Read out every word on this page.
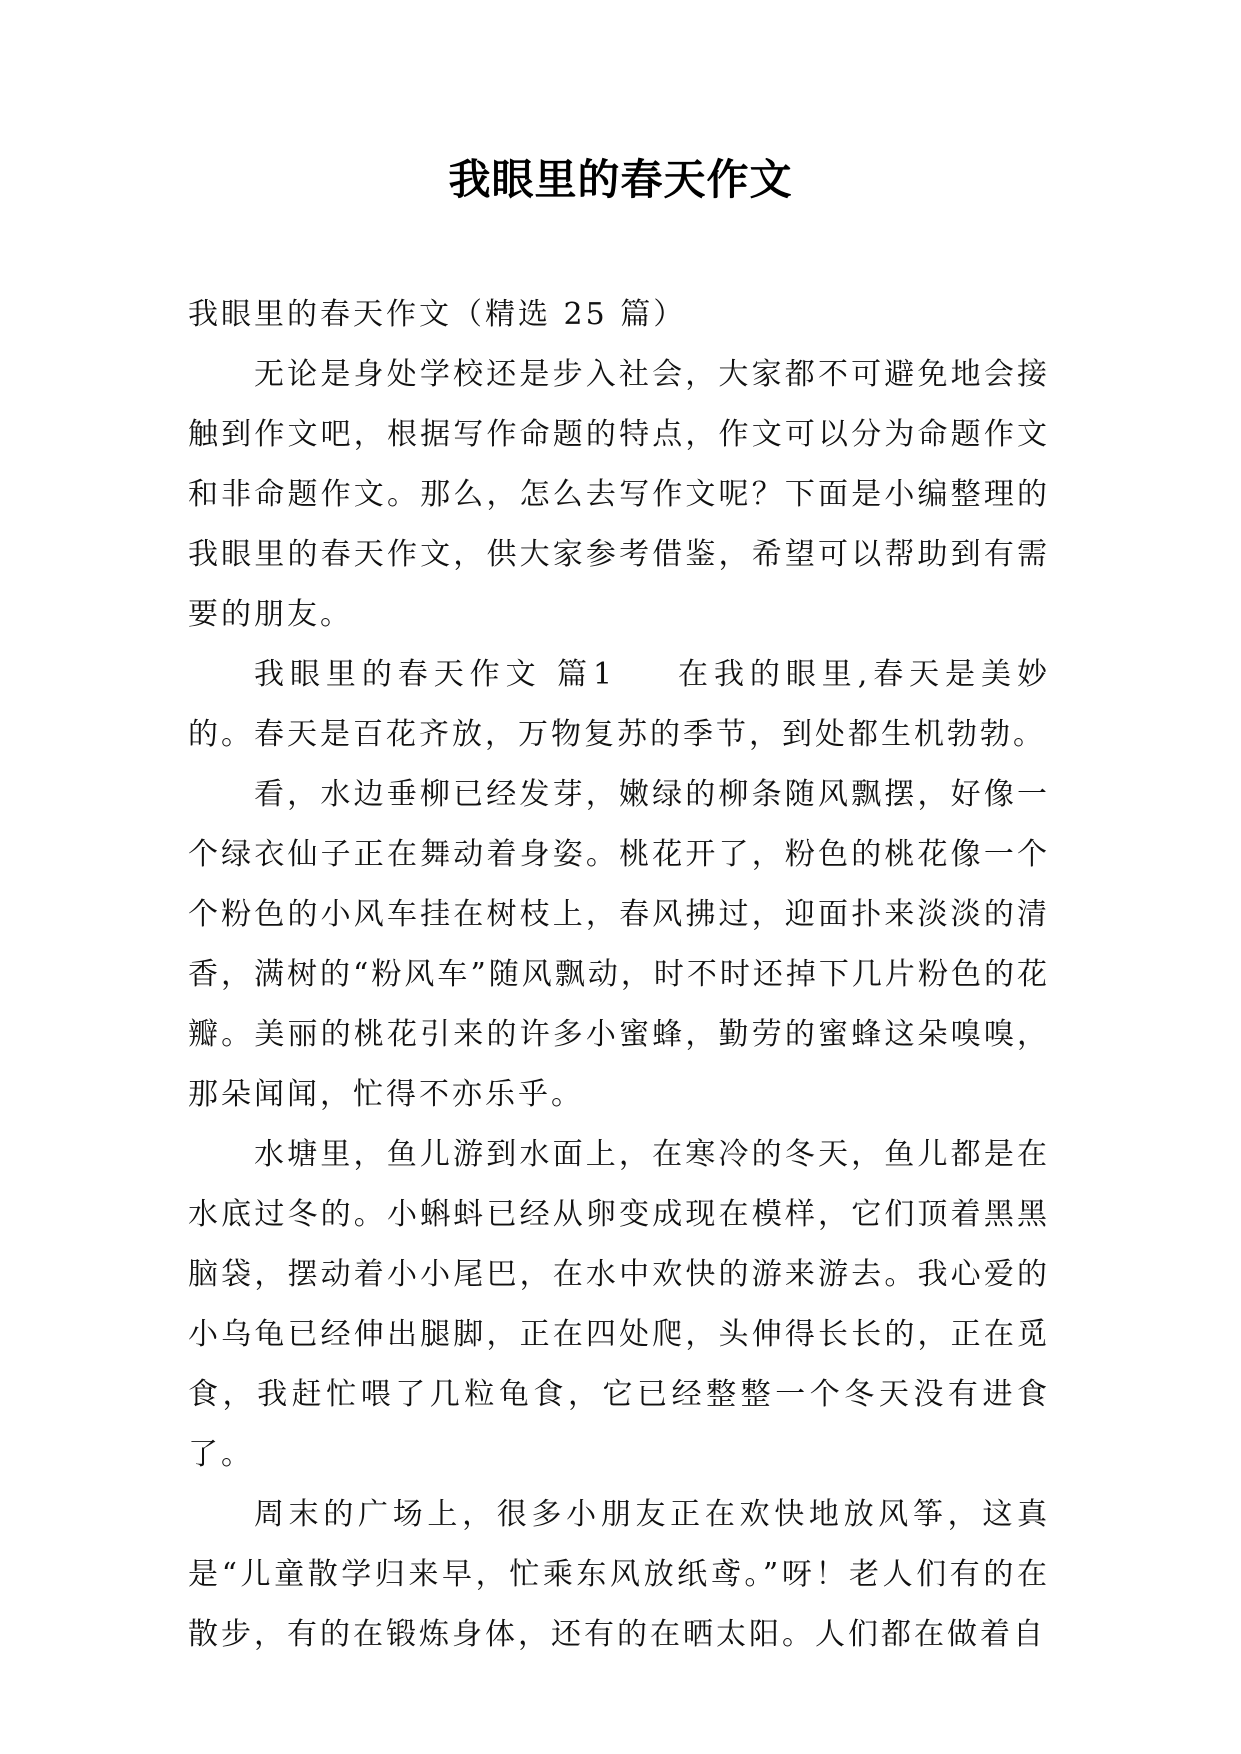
我眼里的春天作文

我眼里的春天作文（精选 25 篇）

无论是身处学校还是步入社会，大家都不可避免地会接触到作文吧，根据写作命题的特点，作文可以分为命题作文和非命题作文。那么，怎么去写作文呢？下面是小编整理的我眼里的春天作文，供大家参考借鉴，希望可以帮助到有需要的朋友。

我眼里的春天作文 篇1 在我的眼里,春天是美妙的。春天是百花齐放，万物复苏的季节，到处都生机勃勃。

看，水边垂柳已经发芽，嫩绿的柳条随风飘摆，好像一个绿衣仙子正在舞动着身姿。桃花开了，粉色的桃花像一个个粉色的小风车挂在树枝上，春风拂过，迎面扑来淡淡的清香，满树的“粉风车”随风飘动，时不时还掉下几片粉色的花瓣。美丽的桃花引来的许多小蜜蜂，勤劳的蜜蜂这朵嗅嗅，那朵闻闻，忙得不亦乐乎。

水塘里，鱼儿游到水面上，在寒冷的冬天，鱼儿都是在水底过冬的。小蝌蚪已经从卵变成现在模样，它们顶着黑黑脑袋，摆动着小小尾巴，在水中欢快的游来游去。我心爱的小乌龟已经伸出腿脚，正在四处爬，头伸得长长的，正在觅食，我赶忙喂了几粒龟食，它已经整整一个冬天没有进食了。

周末的广场上，很多小朋友正在欢快地放风筝，这真是“儿童散学归来早，忙乘东风放纸鸢。”呀！老人们有的在散步，有的在锻炼身体，还有的在晒太阳。人们都在做着自
